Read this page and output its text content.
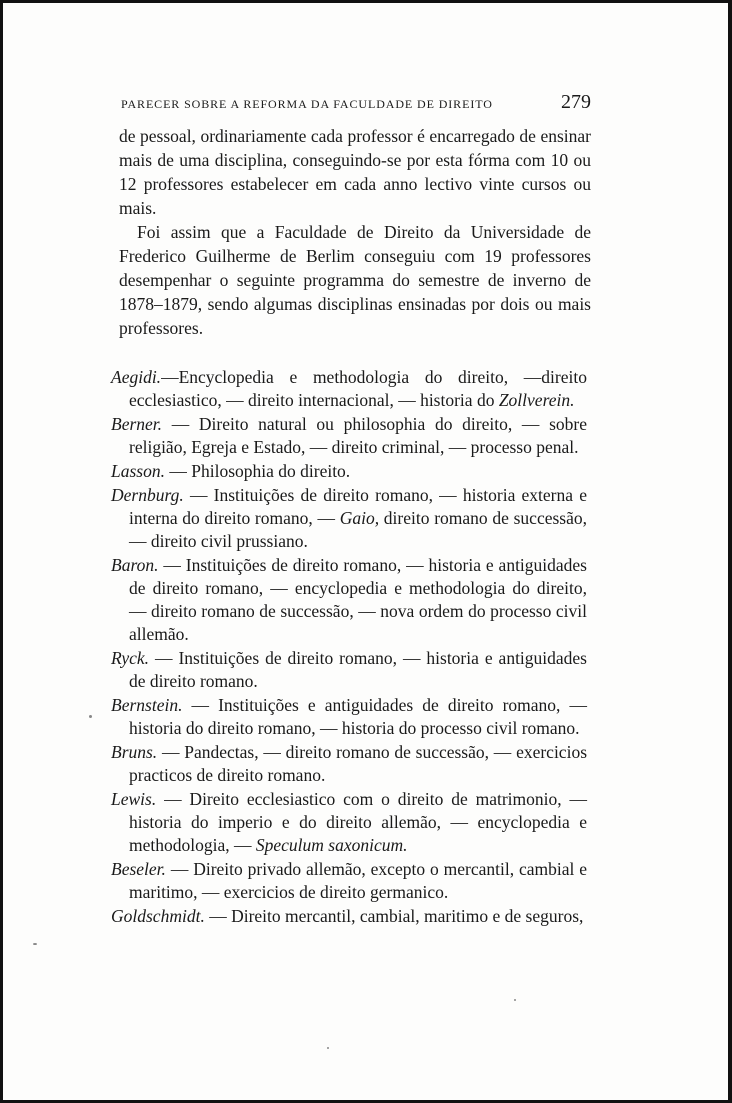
PARECER SOBRE A REFORMA DA FACULDADE DE DIREITO	279

de pessoal, ordinariamente cada professor é encarregado de ensinar mais de uma disciplina, conseguindo-se por esta fórma com 10 ou 12 professores estabelecer em cada anno lectivo vinte cursos ou mais.

Foi assim que a Faculdade de Direito da Universidade de Frederico Guilherme de Berlim conseguiu com 19 professores desempenhar o seguinte programma do semestre de inverno de 1878–1879, sendo algumas disciplinas ensinadas por dois ou mais professores.

Aegidi.—Encyclopedia e methodologia do direito, —direito ecclesiastico, — direito internacional, — historia do Zollverein.

Berner. — Direito natural ou philosophia do direito, — sobre religião, Egreja e Estado, — direito criminal, — processo penal.

Lasson. — Philosophia do direito.

Dernburg. — Instituições de direito romano, — historia externa e interna do direito romano, — Gaio, direito romano de successão, — direito civil prussiano.

Baron. — Instituições de direito romano, — historia e antiguidades de direito romano, — encyclopedia e methodologia do direito, — direito romano de successão, — nova ordem do processo civil allemão.

Ryck. — Instituições de direito romano, — historia e antiguidades de direito romano.

Bernstein. — Instituições e antiguidades de direito romano, — historia do direito romano, — historia do processo civil romano.

Bruns. — Pandectas, — direito romano de successão, — exercicios practicos de direito romano.

Lewis. — Direito ecclesiastico com o direito de matrimonio, — historia do imperio e do direito allemão, — encyclopedia e methodologia, — Speculum saxonicum.

Beseler. — Direito privado allemão, excepto o mercantil, cambial e maritimo, — exercicios de direito germanico.

Goldschmidt. — Direito mercantil, cambial, maritimo e de seguros,
